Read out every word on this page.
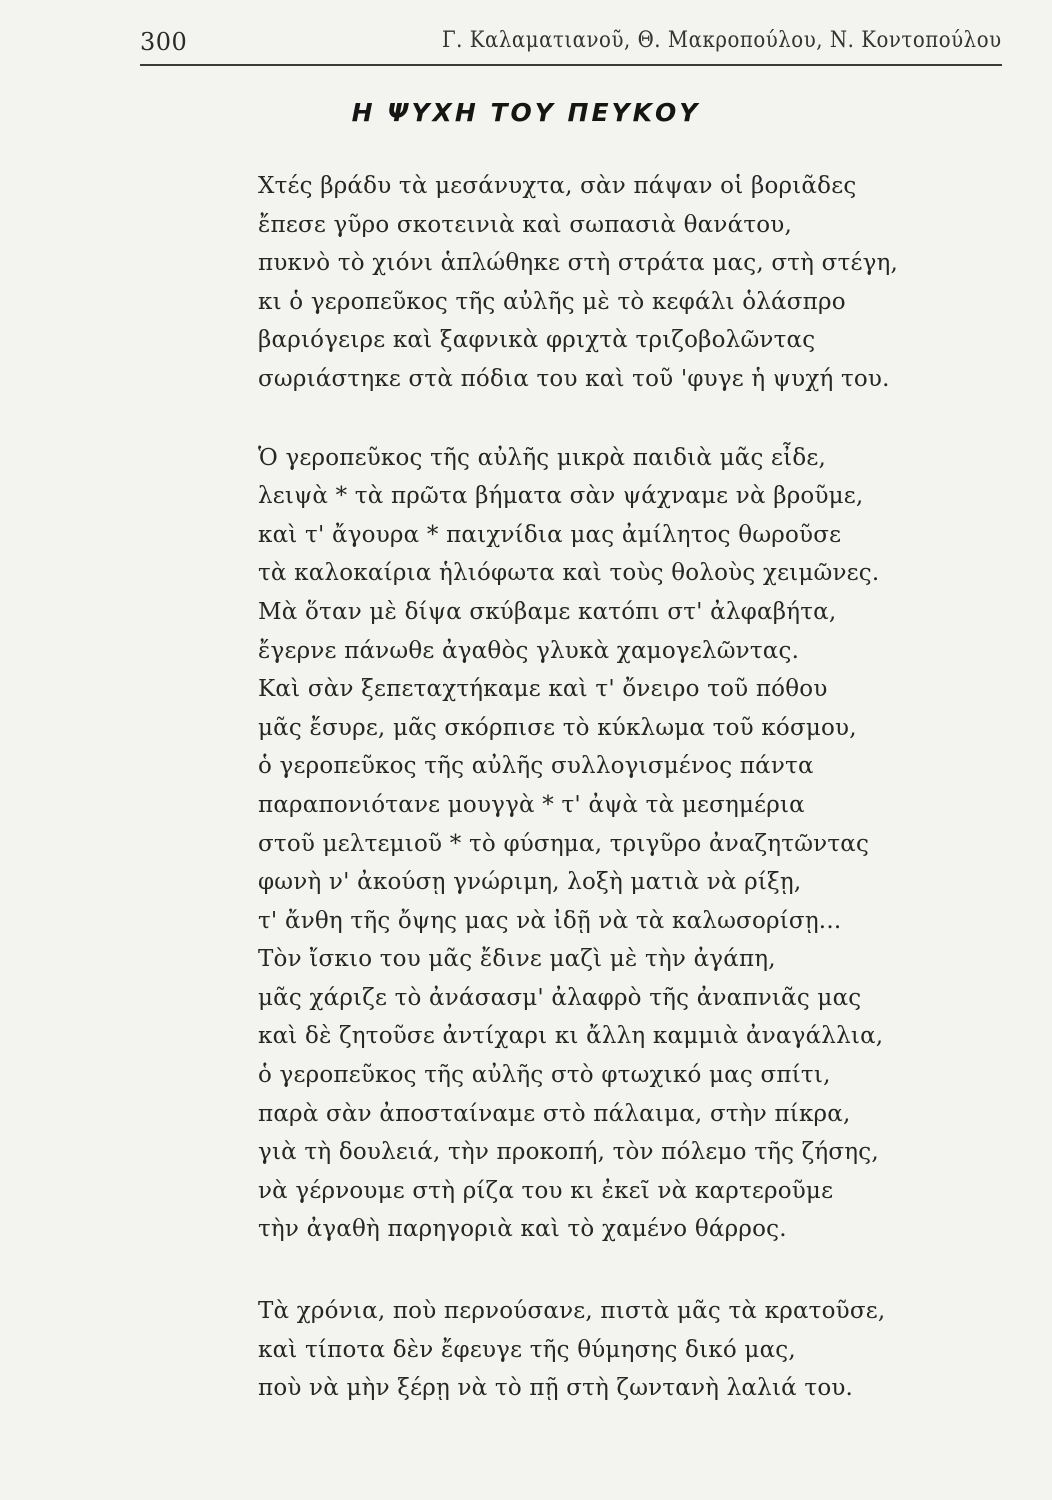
300	Γ. Καλαματιανοῦ, Θ. Μακροπούλου, Ν. Κοντοπούλου
Η ΨΥΧΗ ΤΟΥ ΠΕΥΚΟΥ
Χτές βράδυ τὰ μεσάνυχτα, σὰν πάψαν οἱ βοριᾶδες
ἔπεσε γῦρο σκοτεινιὰ καὶ σωπασιὰ θανάτου,
πυκνὸ τὸ χιόνι ἁπλώθηκε στὴ στράτα μας, στὴ στέγη,
κι ὁ γεροπεῦκος τῆς αὐλῆς μὲ τὸ κεφάλι ὁλάσπρο
βαριόγειρε καὶ ξαφνικὰ φριχτὰ τριζοβολῶντας
σωριάστηκε στὰ πόδια του καὶ τοῦ 'φυγε ἡ ψυχή του.
Ὁ γεροπεῦκος τῆς αὐλῆς μικρὰ παιδιὰ μᾶς εἶδε,
λειψὰ * τὰ πρῶτα βήματα σὰν ψάχναμε νὰ βροῦμε,
καὶ τ' ἄγουρα * παιχνίδια μας ἀμίλητος θωροῦσε
τὰ καλοκαίρια ἡλιόφωτα καὶ τοὺς θολοὺς χειμῶνες.
Μὰ ὅταν μὲ δίψα σκύβαμε κατόπι στ' ἀλφαβήτα,
ἔγερνε πάνωθε ἀγαθὸς γλυκὰ χαμογελῶντας.
Καὶ σὰν ξεπεταχτήκαμε καὶ τ' ὄνειρο τοῦ πόθου
μᾶς ἔσυρε, μᾶς σκόρπισε τὸ κύκλωμα τοῦ κόσμου,
ὁ γεροπεῦκος τῆς αὐλῆς συλλογισμένος πάντα
παραπονιότανε μουγγὰ * τ' ἀψὰ τὰ μεσημέρια
στοῦ μελτεμιοῦ * τὸ φύσημα, τριγῦρο ἀναζητῶντας
φωνὴ ν' ἀκούσῃ γνώριμη, λοξὴ ματιὰ νὰ ρίξῃ,
τ' ἄνθη τῆς ὄψης μας νὰ ἰδῇ νὰ τὰ καλωσορίσῃ...
Τὸν ἴσκιο του μᾶς ἔδινε μαζὶ μὲ τὴν ἀγάπη,
μᾶς χάριζε τὸ ἀνάσασμ' ἀλαφρὸ τῆς ἀναπνιᾶς μας
καὶ δὲ ζητοῦσε ἀντίχαρι κι ἄλλη καμμιὰ ἀναγάλλια,
ὁ γεροπεῦκος τῆς αὐλῆς στὸ φτωχικό μας σπίτι,
παρὰ σὰν ἀποσταίναμε στὸ πάλαιμα, στὴν πίκρα,
γιὰ τὴ δουλειά, τὴν προκοπή, τὸν πόλεμο τῆς ζήσης,
νὰ γέρνουμε στὴ ρίζα του κι ἐκεῖ νὰ καρτεροῦμε
τὴν ἀγαθὴ παρηγοριὰ καὶ τὸ χαμένο θάρρος.
Τὰ χρόνια, ποὺ περνούσανε, πιστὰ μᾶς τὰ κρατοῦσε,
καὶ τίποτα δὲν ἔφευγε τῆς θύμησης δικό μας,
ποὺ νὰ μὴν ξέρῃ νὰ τὸ πῇ στὴ ζωντανὴ λαλιά του.
